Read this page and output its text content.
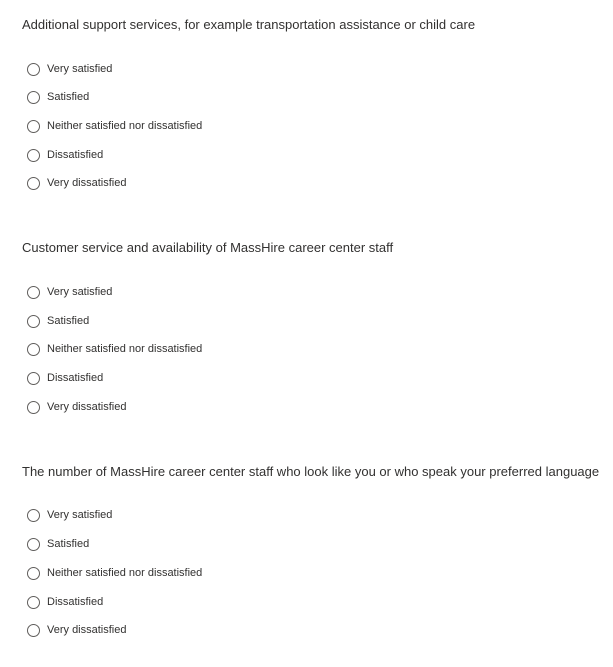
Additional support services, for example transportation assistance or child care
Very satisfied
Satisfied
Neither satisfied nor dissatisfied
Dissatisfied
Very dissatisfied
Customer service and availability of MassHire career center staff
Very satisfied
Satisfied
Neither satisfied nor dissatisfied
Dissatisfied
Very dissatisfied
The number of MassHire career center staff who look like you or who speak your preferred language
Very satisfied
Satisfied
Neither satisfied nor dissatisfied
Dissatisfied
Very dissatisfied
